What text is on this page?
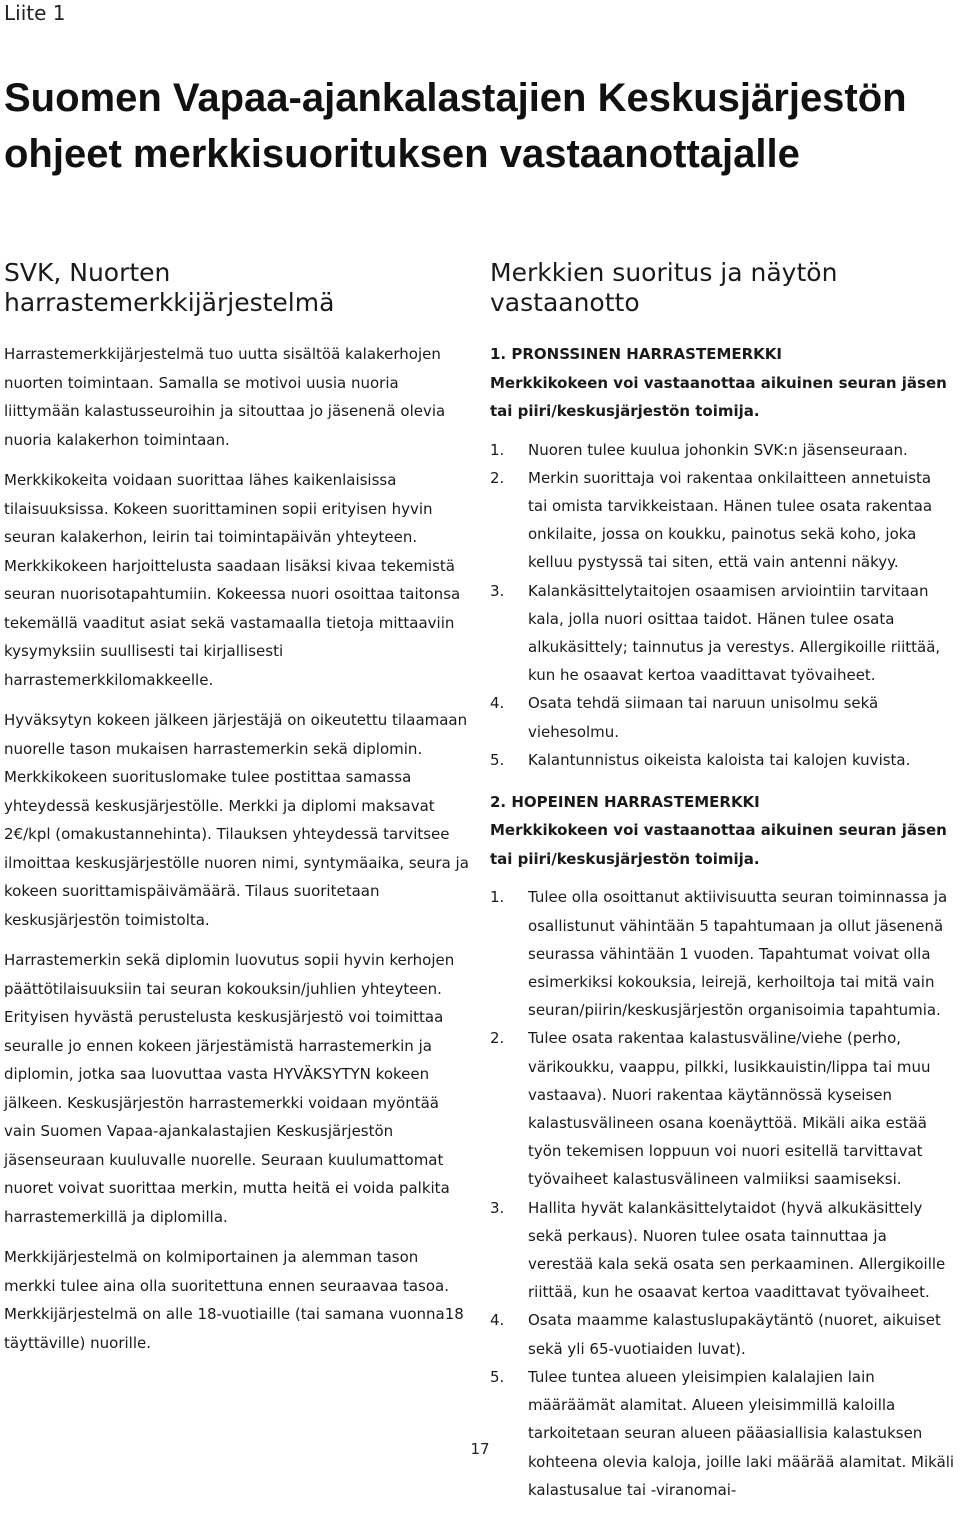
Liite 1
Suomen Vapaa-ajankalastajien Keskusjärjestön ohjeet merkkisuorituksen vastaanottajalle
SVK, Nuorten harrastemerkkijärjestelmä

Harrastemerkkijärjestelmä tuo uutta sisältöä kalakerhojen nuorten toimintaan. Samalla se motivoi uusia nuoria liittymään kalastusseuroihin ja sitouttaa jo jäsenenä olevia nuoria kalakerhon toimintaan.

Merkkikokeita voidaan suorittaa lähes kaikenlaisissa tilaisuuksissa. Kokeen suorittaminen sopii erityisen hyvin seuran kalakerhon, leirin tai toimintapäivän yhteyteen. Merkkikokeen harjoittelusta saadaan lisäksi kivaa tekemistä seuran nuorisotapahtumiin. Kokeessa nuori osoittaa taitonsa tekemällä vaaditut asiat sekä vastamaalla tietoja mittaaviin kysymyksiin suullisesti tai kirjallisesti harrastemerkkilomakkeelle.

Hyväksytyn kokeen jälkeen järjestäjä on oikeutettu tilaamaan nuorelle tason mukaisen harrastemerkin sekä diplomin. Merkkikokeen suorituslomake tulee postittaa samassa yhteydessä keskusjärjestölle. Merkki ja diplomi maksavat 2€/kpl (omakustannehinta). Tilauksen yhteydessä tarvitsee ilmoittaa keskusjärjestölle nuoren nimi, syntymäaika, seura ja kokeen suorittamispäivämäärä. Tilaus suoritetaan keskusjärjestön toimistolta.

Harrastemerkin sekä diplomin luovutus sopii hyvin kerhojen päättötilaisuuksiin tai seuran kokouksin/juhlien yhteyteen. Erityisen hyvästä perustelusta keskusjärjestö voi toimittaa seuralle jo ennen kokeen järjestämistä harrastemerkin ja diplomin, jotka saa luovuttaa vasta HYVÄKSYTYN kokeen jälkeen. Keskusjärjestön harrastemerkki voidaan myöntää vain Suomen Vapaa-ajankalastajien Keskusjärjestön jäsenseuraan kuuluvalle nuorelle. Seuraan kuulumattomat nuoret voivat suorittaa merkin, mutta heitä ei voida palkita harrastemerkillä ja diplomilla.

Merkkijärjestelmä on kolmiportainen ja alemman tason merkki tulee aina olla suoritettuna ennen seuraavaa tasoa. Merkkijärjestelmä on alle 18-vuotiaille (tai samana vuonna18 täyttäville) nuorille.

Merkkien suoritus ja näytön vastaanotto
1. PRONSSINEN HARRASTEMERKKI
Merkkikokeen voi vastaanottaa aikuinen seuran jäsen tai piiri/keskusjärjestön toimija.
1. Nuoren tulee kuulua johonkin SVK:n jäsenseuraan.
2. Merkin suorittaja voi rakentaa onkilaitteen annetuista tai omista tarvikkeistaan. Hänen tulee osata rakentaa onkilaite, jossa on koukku, painotus sekä koho, joka kelluu pystyssä tai siten, että vain antenni näkyy.
3. Kalankäsittelytaitojen osaamisen arviointiin tarvitaan kala, jolla nuori osittaa taidot. Hänen tulee osata alkukäsittely; tainnutus ja verestys. Allergikoille riittää, kun he osaavat kertoa vaadittavat työvaiheet.
4. Osata tehdä siimaan tai naruun unisolmu sekä viehesolmu.
5. Kalantunnistus oikeista kaloista tai kalojen kuvista.
2. HOPEINEN HARRASTEMERKKI
Merkkikokeen voi vastaanottaa aikuinen seuran jäsen tai piiri/keskusjärjestön toimija.
1. Tulee olla osoittanut aktiivisuutta seuran toiminnassa ja osallistunut vähintään 5 tapahtumaan ja ollut jäsenenä seurassa vähintään 1 vuoden. Tapahtumat voivat olla esimerkiksi kokouksia, leirejä, kerhoiltoja tai mitä vain seuran/piirin/keskusjärjestön organisoimia tapahtumia.
2. Tulee osata rakentaa kalastusväline/viehe (perho, värikoukku, vaappu, pilkki, lusikkauistin/lippa tai muu vastaava). Nuori rakentaa käytännössä kyseisen kalastusvälineen osana koenäyttöä. Mikäli aika estää työn tekemisen loppuun voi nuori esitellä tarvittavat työvaiheet kalastusvälineen valmiiksi saamiseksi.
3. Hallita hyvät kalankäsittelytaidot (hyvä alkukäsittely sekä perkaus). Nuoren tulee osata tainnuttaa ja verestää kala sekä osata sen perkaaminen. Allergikoille riittää, kun he osaavat kertoa vaadittavat työvaiheet.
4. Osata maamme kalastuslupakäytäntö (nuoret, aikuiset sekä yli 65-vuotiaiden luvat).
5. Tulee tuntea alueen yleisimpien kalalajien lain määräämät alamitat. Alueen yleisimmillä kaloilla tarkoitetaan seuran alueen pääasiallisia kalastuksen kohteena olevia kaloja, joille laki määrää alamitat. Mikäli kalastusalue tai -viranomai-
17
